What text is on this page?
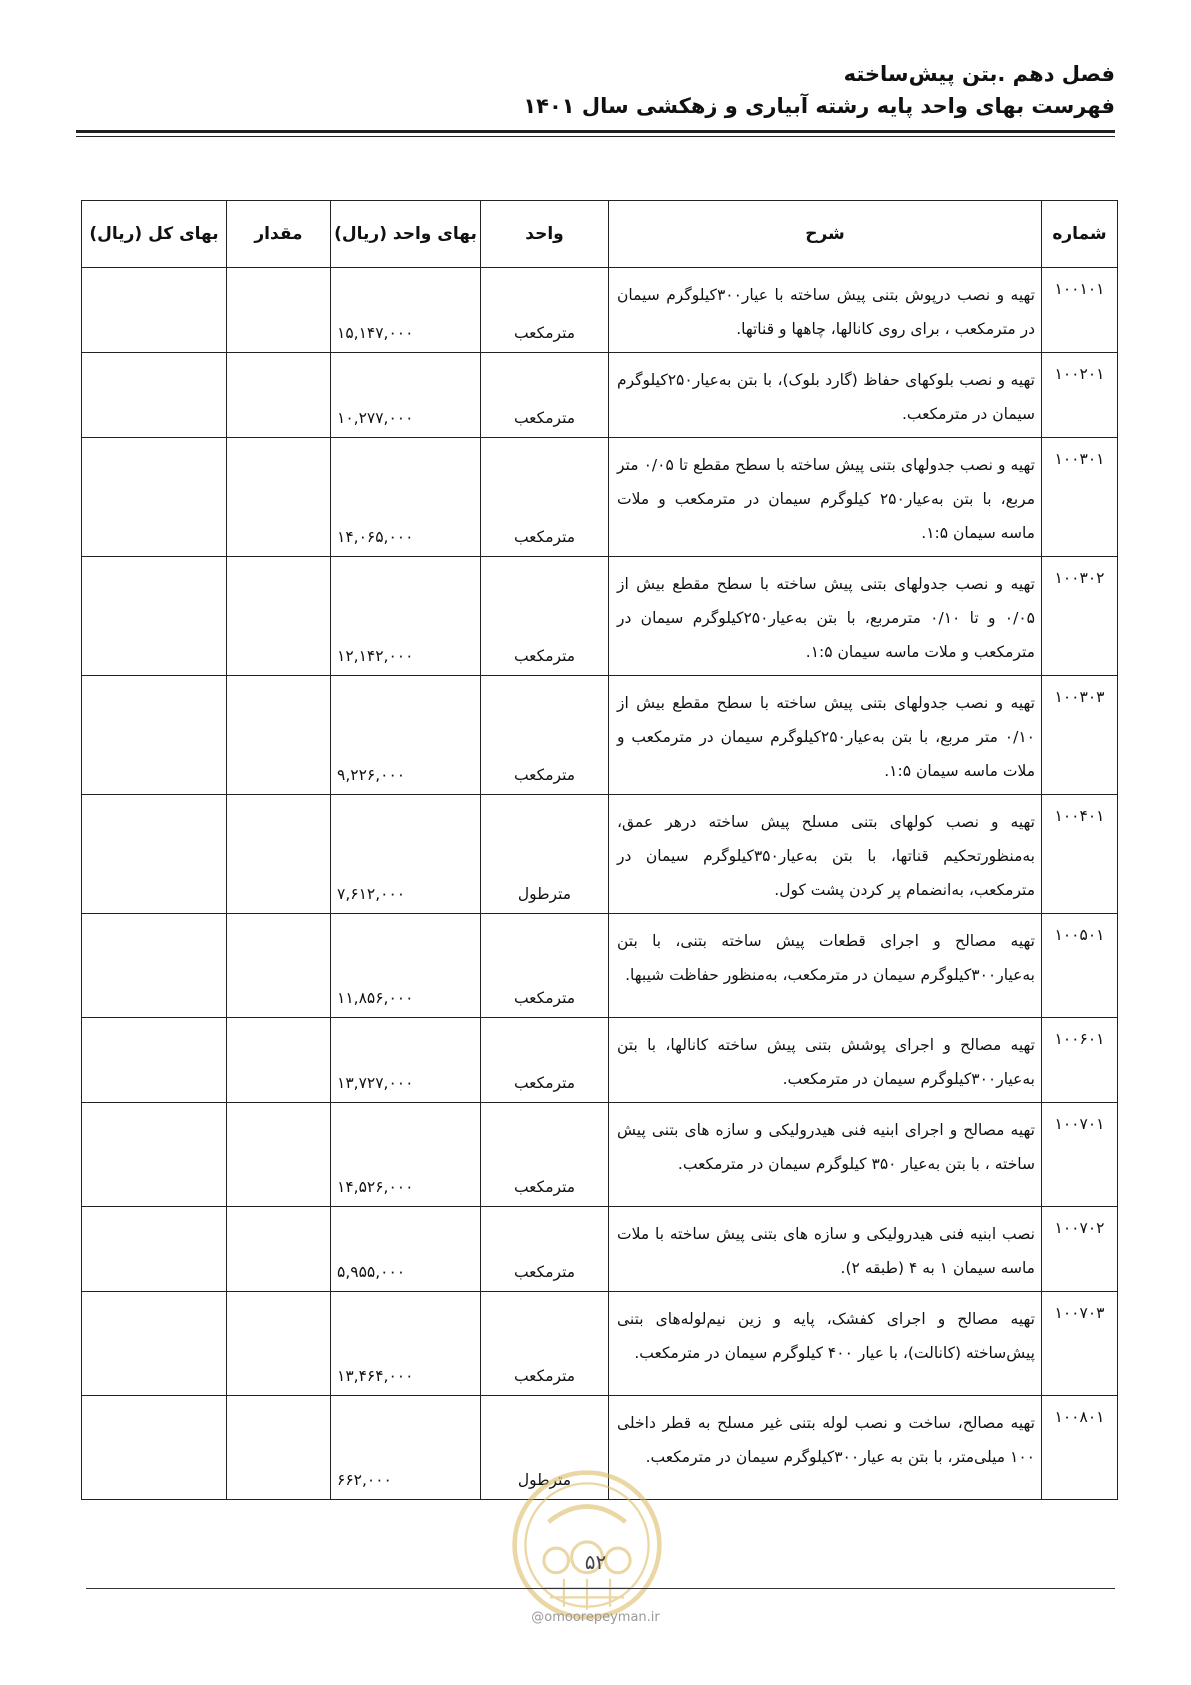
فصل دهم .بتن پیش‌ساخته
فهرست بهای واحد پایه رشته آبیاری و زهکشی سال ۱۴۰۱
شماره	شرح	واحد	بهای واحد (ریال)	مقدار	بهای کل (ریال)
۱۰۰۱۰۱	تهیه و نصب درپوش بتنی پیش ساخته با عیار۳۰۰کیلوگرم سیمان در مترمکعب ، برای روی کانالها، چاهها و قناتها.	مترمکعب	۱۵,۱۴۷,۰۰۰		
۱۰۰۲۰۱	تهیه و نصب بلوکهای حفاظ (گارد بلوک)، با بتن به‌عیار۲۵۰کیلوگرم سیمان در مترمکعب.	مترمکعب	۱۰,۲۷۷,۰۰۰		
۱۰۰۳۰۱	تهیه و نصب جدولهای بتنی پیش ساخته با سطح مقطع تا ۰/۰۵ متر مربع، با بتن به‌عیار۲۵۰ کیلوگرم سیمان در مترمکعب و ملات ماسه سیمان ۱:۵.	مترمکعب	۱۴,۰۶۵,۰۰۰		
۱۰۰۳۰۲	تهیه و نصب جدولهای بتنی پیش ساخته با سطح مقطع بیش از ۰/۰۵ و تا ۰/۱۰ مترمربع، با بتن به‌عیار۲۵۰کیلوگرم سیمان در مترمکعب و ملات ماسه سیمان ۱:۵.	مترمکعب	۱۲,۱۴۲,۰۰۰		
۱۰۰۳۰۳	تهیه و نصب جدولهای بتنی پیش ساخته با سطح مقطع بیش از ۰/۱۰ متر مربع، با بتن به‌عیار۲۵۰کیلوگرم سیمان در مترمکعب و ملات ماسه سیمان ۱:۵.	مترمکعب	۹,۲۲۶,۰۰۰		
۱۰۰۴۰۱	تهیه و نصب کولهای بتنی مسلح پیش ساخته درهر عمق، به‌منظورتحکیم قناتها، با بتن به‌عیار۳۵۰کیلوگرم سیمان در مترمکعب، به‌انضمام پر کردن پشت کول.	مترطول	۷,۶۱۲,۰۰۰		
۱۰۰۵۰۱	تهیه مصالح و اجرای قطعات پیش ساخته بتنی، با بتن به‌عیار۳۰۰کیلوگرم سیمان در مترمکعب، به‌منظور حفاظت شیبها.	مترمکعب	۱۱,۸۵۶,۰۰۰		
۱۰۰۶۰۱	تهیه مصالح و اجرای پوشش بتنی پیش ساخته کانالها، با بتن به‌عیار۳۰۰کیلوگرم سیمان در مترمکعب.	مترمکعب	۱۳,۷۲۷,۰۰۰		
۱۰۰۷۰۱	تهیه مصالح و اجرای ابنیه فنی هیدرولیکی و سازه های بتنی پیش ساخته ، با بتن به‌عیار ۳۵۰ کیلوگرم سیمان در مترمکعب.	مترمکعب	۱۴,۵۲۶,۰۰۰		
۱۰۰۷۰۲	نصب ابنیه فنی هیدرولیکی و سازه های بتنی پیش ساخته با ملات ماسه سیمان ۱ به ۴ (طبقه ۲).	مترمکعب	۵,۹۵۵,۰۰۰		
۱۰۰۷۰۳	تهیه مصالح و اجرای کفشک، پایه و زین نیم‌لوله‌های بتنی پیش‌ساخته (کانالت)، با عیار ۴۰۰ کیلوگرم سیمان در مترمکعب.	مترمکعب	۱۳,۴۶۴,۰۰۰		
۱۰۰۸۰۱	تهیه مصالح، ساخت و نصب لوله بتنی غیر مسلح به قطر داخلی ۱۰۰ میلی‌متر، با بتن به عیار۳۰۰کیلوگرم سیمان در مترمکعب.	مترطول	۶۶۲,۰۰۰		
۵۲
@omoorepeyman.ir
